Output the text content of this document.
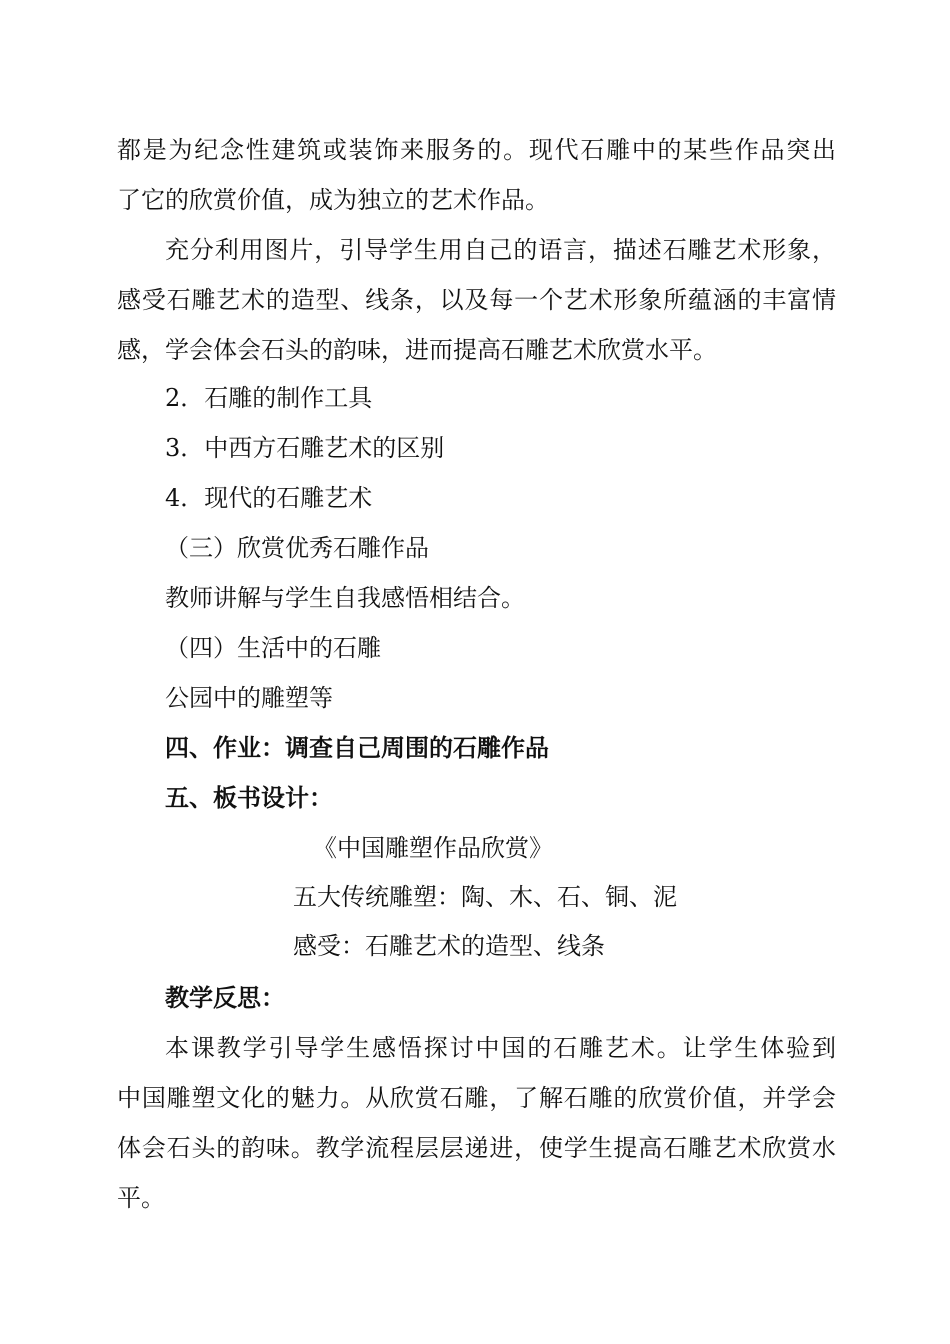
都是为纪念性建筑或装饰来服务的。现代石雕中的某些作品突出

了它的欣赏价值，成为独立的艺术作品。

充分利用图片，引导学生用自己的语言，描述石雕艺术形象，

感受石雕艺术的造型、线条，以及每一个艺术形象所蕴涵的丰富情

感，学会体会石头的韵味，进而提高石雕艺术欣赏水平。

2．石雕的制作工具

3．中西方石雕艺术的区别

4．现代的石雕艺术

（三）欣赏优秀石雕作品

教师讲解与学生自我感悟相结合。

（四）生活中的石雕

公园中的雕塑等

四、作业：调查自己周围的石雕作品

五、板书设计：

《中国雕塑作品欣赏》

五大传统雕塑：陶、木、石、铜、泥

感受：石雕艺术的造型、线条

教学反思：

本课教学引导学生感悟探讨中国的石雕艺术。让学生体验到

中国雕塑文化的魅力。从欣赏石雕，了解石雕的欣赏价值，并学会

体会石头的韵味。教学流程层层递进，使学生提高石雕艺术欣赏水

平。
